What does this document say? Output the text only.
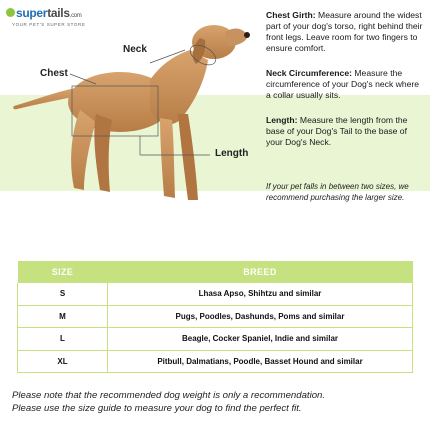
supertails.com
YOUR PET'S SUPER STORE
Neck
Chest
Length
Chest Girth: Measure around the widest part of your dog's torso, right behind their front legs. Leave room for two fingers to ensure comfort.
Neck Circumference: Measure the circumference of your Dog's neck where a collar usually sits.
Length: Measure the length from the base of your Dog's Tail to the base of your Dog's Neck.
If your pet falls in between two sizes, we recommend purchasing the larger size.
SIZE	BREED
S	Lhasa Apso, Shihtzu and similar
M	Pugs, Poodles, Dashunds, Poms and similar
L	Beagle, Cocker Spaniel, Indie and similar
XL	Pitbull, Dalmatians, Poodle, Basset Hound and similar
Please note that the recommended dog weight is only a recommendation.
Please use the size guide to measure your dog to find the perfect fit.
